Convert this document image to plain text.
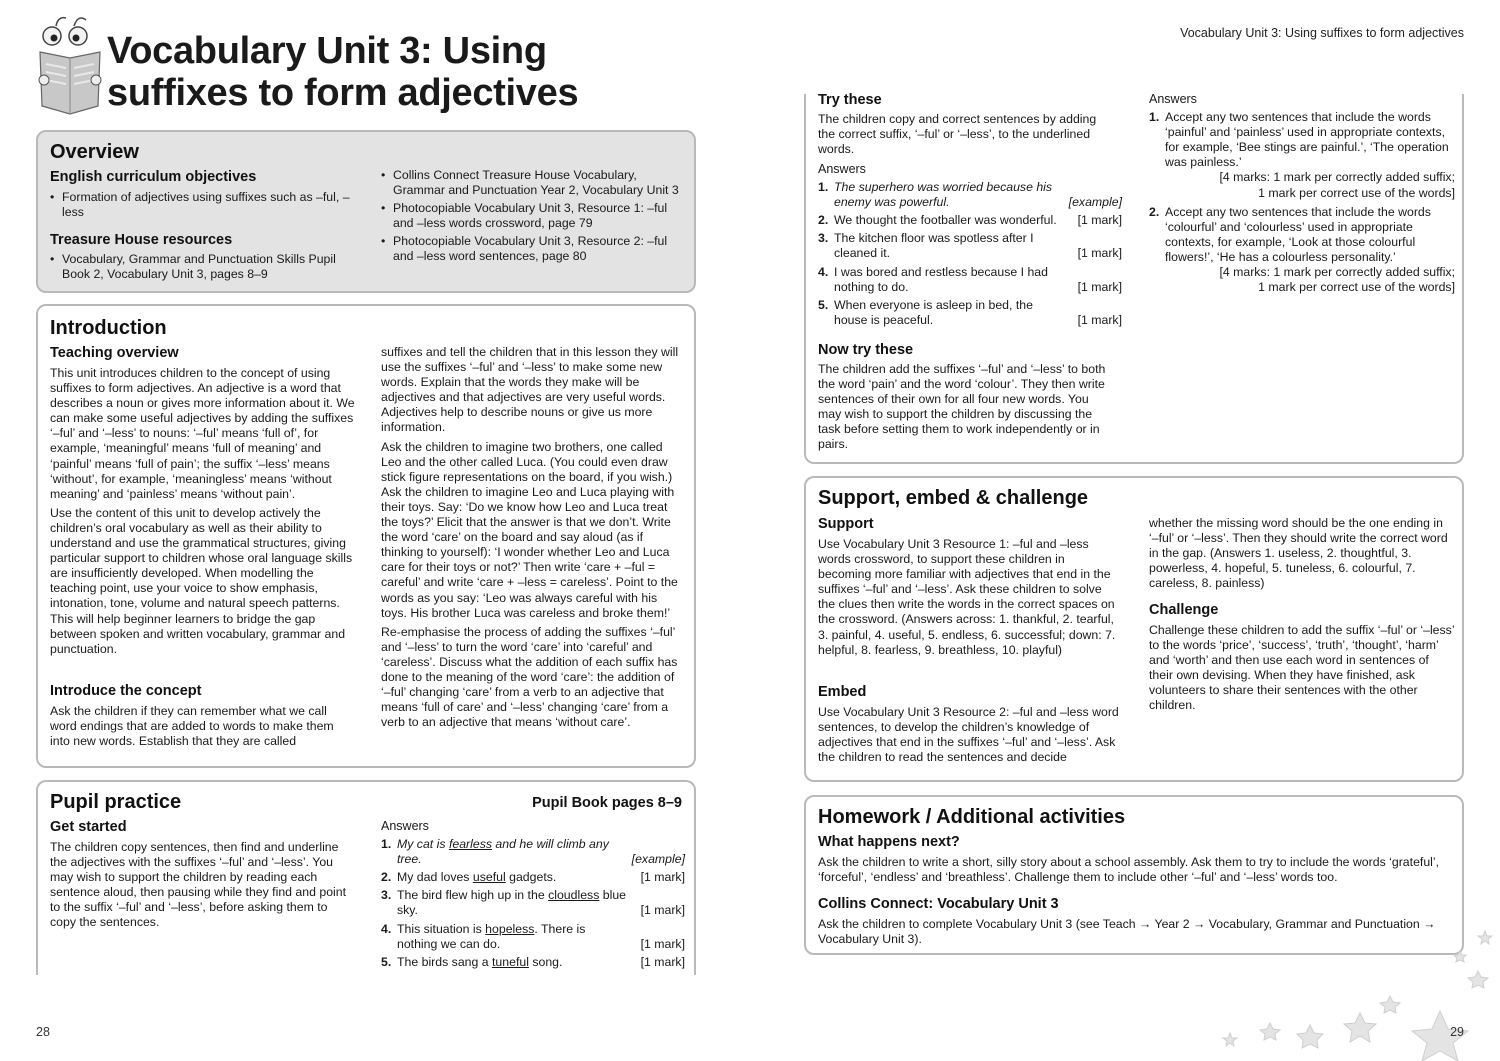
Vocabulary Unit 3: Using
suffixes to form adjectives
Overview
English curriculum objectives
• Formation of adjectives using suffixes such as –ful, –less
Treasure House resources
• Vocabulary, Grammar and Punctuation Skills Pupil Book 2, Vocabulary Unit 3, pages 8–9
• Collins Connect Treasure House Vocabulary, Grammar and Punctuation Year 2, Vocabulary Unit 3
• Photocopiable Vocabulary Unit 3, Resource 1: –ful and –less words crossword, page 79
• Photocopiable Vocabulary Unit 3, Resource 2: –ful and –less word sentences, page 80
Introduction
Teaching overview

This unit introduces children to the concept of using suffixes to form adjectives. An adjective is a word that describes a noun or gives more information about it. We can make some useful adjectives by adding the suffixes ‘–ful’ and ‘–less’ to nouns: ‘–ful’ means ‘full of’, for example, ‘meaningful’ means ‘full of meaning’ and ‘painful’ means ‘full of pain’; the suffix ‘–less’ means ‘without’, for example, ‘meaningless’ means ‘without meaning’ and ‘painless’ means ‘without pain’.

Use the content of this unit to develop actively the children’s oral vocabulary as well as their ability to understand and use the grammatical structures, giving particular support to children whose oral language skills are insufficiently developed. When modelling the teaching point, use your voice to show emphasis, intonation, tone, volume and natural speech patterns. This will help beginner learners to bridge the gap between spoken and written vocabulary, grammar and punctuation.

Introduce the concept
Ask the children if they can remember what we call word endings that are added to words to make them into new words. Establish that they are called

suffixes and tell the children that in this lesson they will use the suffixes ‘–ful’ and ‘–less’ to make some new words. Explain that the words they make will be adjectives and that adjectives are very useful words. Adjectives help to describe nouns or give us more information.

Ask the children to imagine two brothers, one called Leo and the other called Luca. (You could even draw stick figure representations on the board, if you wish.) Ask the children to imagine Leo and Luca playing with their toys. Say: ‘Do we know how Leo and Luca treat the toys?’ Elicit that the answer is that we don’t. Write the word ‘care’ on the board and say aloud (as if thinking to yourself): ‘I wonder whether Leo and Luca care for their toys or not?’ Then write ‘care + –ful = careful’ and write ‘care + –less = careless’. Point to the words as you say: ‘Leo was always careful with his toys. His brother Luca was careless and broke them!’

Re-emphasise the process of adding the suffixes ‘–ful’ and ‘–less’ to turn the word ‘care’ into ‘careful’ and ‘careless’. Discuss what the addition of each suffix has done to the meaning of the word ‘care’: the addition of ‘–ful’ changing ‘care’ from a verb to an adjective that means ‘full of care’ and ‘–less’ changing ‘care’ from a verb to an adjective that means ‘without care’.

Pupil practice	Pupil Book pages 8–9
Get started
The children copy sentences, then find and underline the adjectives with the suffixes ‘–ful’ and ‘–less’. You may wish to support the children by reading each sentence aloud, then pausing while they find and point to the suffix ‘–ful’ and ‘–less’, before asking them to copy the sentences.
Answers
1. My cat is fearless and he will climb any tree.	[example]
2. My dad loves useful gadgets.	[1 mark]
3. The bird flew high up in the cloudless blue sky.	[1 mark]
4. This situation is hopeless. There is nothing we can do.	[1 mark]
5. The birds sang a tuneful song.	[1 mark]
28
Vocabulary Unit 3: Using suffixes to form adjectives
Try these
The children copy and correct sentences by adding the correct suffix, ‘–ful’ or ‘–less’, to the underlined words.
Answers
1. The superhero was worried because his enemy was powerful.	[example]
2. We thought the footballer was wonderful. [1 mark]
3. The kitchen floor was spotless after I cleaned it.	[1 mark]
4. I was bored and restless because I had nothing to do.	[1 mark]
5. When everyone is asleep in bed, the house is peaceful.	[1 mark]
Now try these
The children add the suffixes ‘–ful’ and ‘–less’ to both the word ‘pain’ and the word ‘colour’. They then write sentences of their own for all four new words. You may wish to support the children by discussing the task before setting them to work independently or in pairs.
Answers
1. Accept any two sentences that include the words ‘painful’ and ‘painless’ used in appropriate contexts, for example, ‘Bee stings are painful.’, ‘The operation was painless.’
[4 marks: 1 mark per correctly added suffix;
1 mark per correct use of the words]
2. Accept any two sentences that include the words ‘colourful’ and ‘colourless’ used in appropriate contexts, for example, ‘Look at those colourful flowers!’, ‘He has a colourless personality.’
[4 marks: 1 mark per correctly added suffix;
1 mark per correct use of the words]
Support, embed & challenge
Support
Use Vocabulary Unit 3 Resource 1: –ful and –less words crossword, to support these children in becoming more familiar with adjectives that end in the suffixes ‘–ful’ and ‘–less’. Ask these children to solve the clues then write the words in the correct spaces on the crossword. (Answers across: 1. thankful, 2. tearful, 3. painful, 4. useful, 5. endless, 6. successful; down: 7. helpful, 8. fearless, 9. breathless, 10. playful)
Embed
Use Vocabulary Unit 3 Resource 2: –ful and –less word sentences, to develop the children’s knowledge of adjectives that end in the suffixes ‘–ful’ and ‘–less’. Ask the children to read the sentences and decide
whether the missing word should be the one ending in ‘–ful’ or ‘–less’. Then they should write the correct word in the gap. (Answers 1. useless, 2. thoughtful, 3. powerless, 4. hopeful, 5. tuneless, 6. colourful, 7. careless, 8. painless)
Challenge
Challenge these children to add the suffix ‘–ful’ or ‘–less’ to the words ‘price’, ‘success’, ‘truth’, ‘thought’, ‘harm’ and ‘worth’ and then use each word in sentences of their own devising. When they have finished, ask volunteers to share their sentences with the other children.
Homework / Additional activities
What happens next?
Ask the children to write a short, silly story about a school assembly. Ask them to try to include the words ‘grateful’, ‘forceful’, ‘endless’ and ‘breathless’. Challenge them to include other ‘–ful’ and ‘–less’ words too.
Collins Connect: Vocabulary Unit 3
Ask the children to complete Vocabulary Unit 3 (see Teach → Year 2 → Vocabulary, Grammar and Punctuation → Vocabulary Unit 3).
29
